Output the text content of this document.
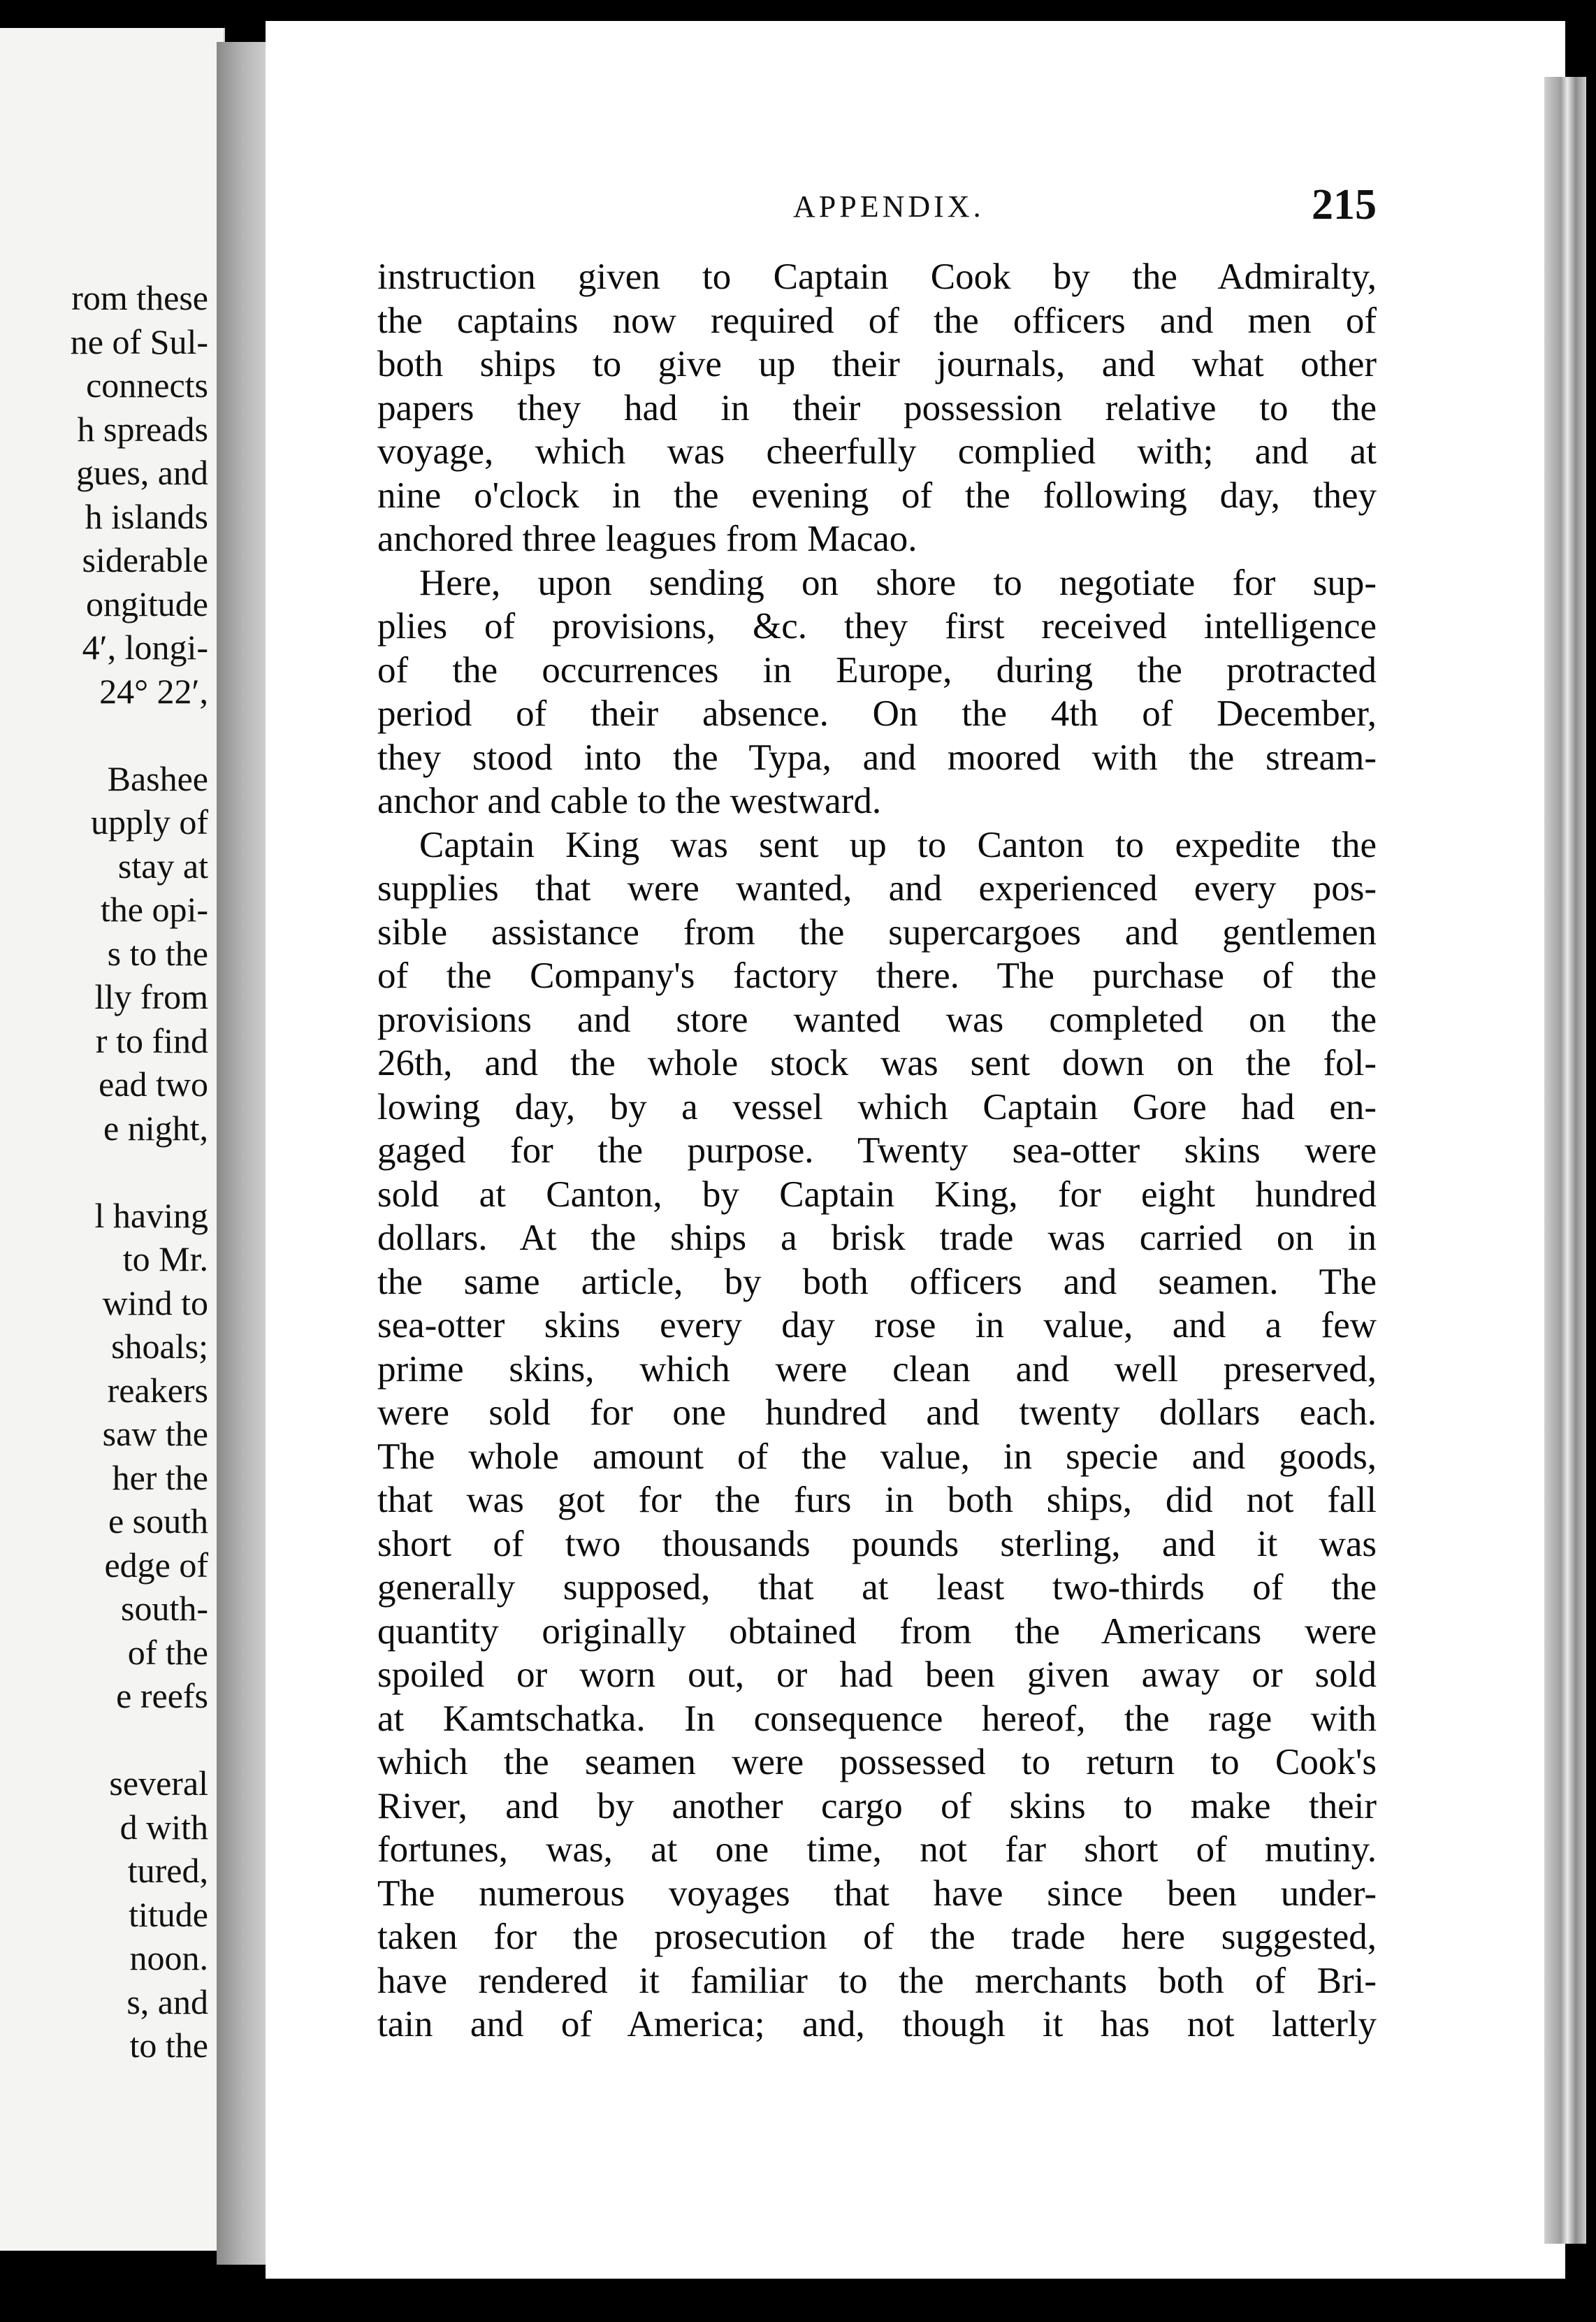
rom these
ne of Sul-
connects
h spreads
gues, and
h islands
siderable
ongitude
4′, longi-
24° 22′,
Bashee
upply of
stay at
the opi-
s to the
lly from
r to find
ead two
e night,
l having
to Mr.
wind to
shoals;
reakers
saw the
her the
e south
edge of
south-
of the
e reefs
several
d with
tured,
titude
noon.
s, and
to the
APPENDIX.	215
instruction given to Captain Cook by the Admiralty,
the captains now required of the officers and men of
both ships to give up their journals, and what other
papers they had in their possession relative to the
voyage, which was cheerfully complied with; and at
nine o'clock in the evening of the following day, they
anchored three leagues from Macao.
Here, upon sending on shore to negotiate for sup-
plies of provisions, &c. they first received intelligence
of the occurrences in Europe, during the protracted
period of their absence. On the 4th of December,
they stood into the Typa, and moored with the stream-
anchor and cable to the westward.
Captain King was sent up to Canton to expedite the
supplies that were wanted, and experienced every pos-
sible assistance from the supercargoes and gentlemen
of the Company's factory there. The purchase of the
provisions and store wanted was completed on the
26th, and the whole stock was sent down on the fol-
lowing day, by a vessel which Captain Gore had en-
gaged for the purpose. Twenty sea-otter skins were
sold at Canton, by Captain King, for eight hundred
dollars. At the ships a brisk trade was carried on in
the same article, by both officers and seamen. The
sea-otter skins every day rose in value, and a few
prime skins, which were clean and well preserved,
were sold for one hundred and twenty dollars each.
The whole amount of the value, in specie and goods,
that was got for the furs in both ships, did not fall
short of two thousands pounds sterling, and it was
generally supposed, that at least two-thirds of the
quantity originally obtained from the Americans were
spoiled or worn out, or had been given away or sold
at Kamtschatka. In consequence hereof, the rage with
which the seamen were possessed to return to Cook's
River, and by another cargo of skins to make their
fortunes, was, at one time, not far short of mutiny.
The numerous voyages that have since been under-
taken for the prosecution of the trade here suggested,
have rendered it familiar to the merchants both of Bri-
tain and of America; and, though it has not latterly
